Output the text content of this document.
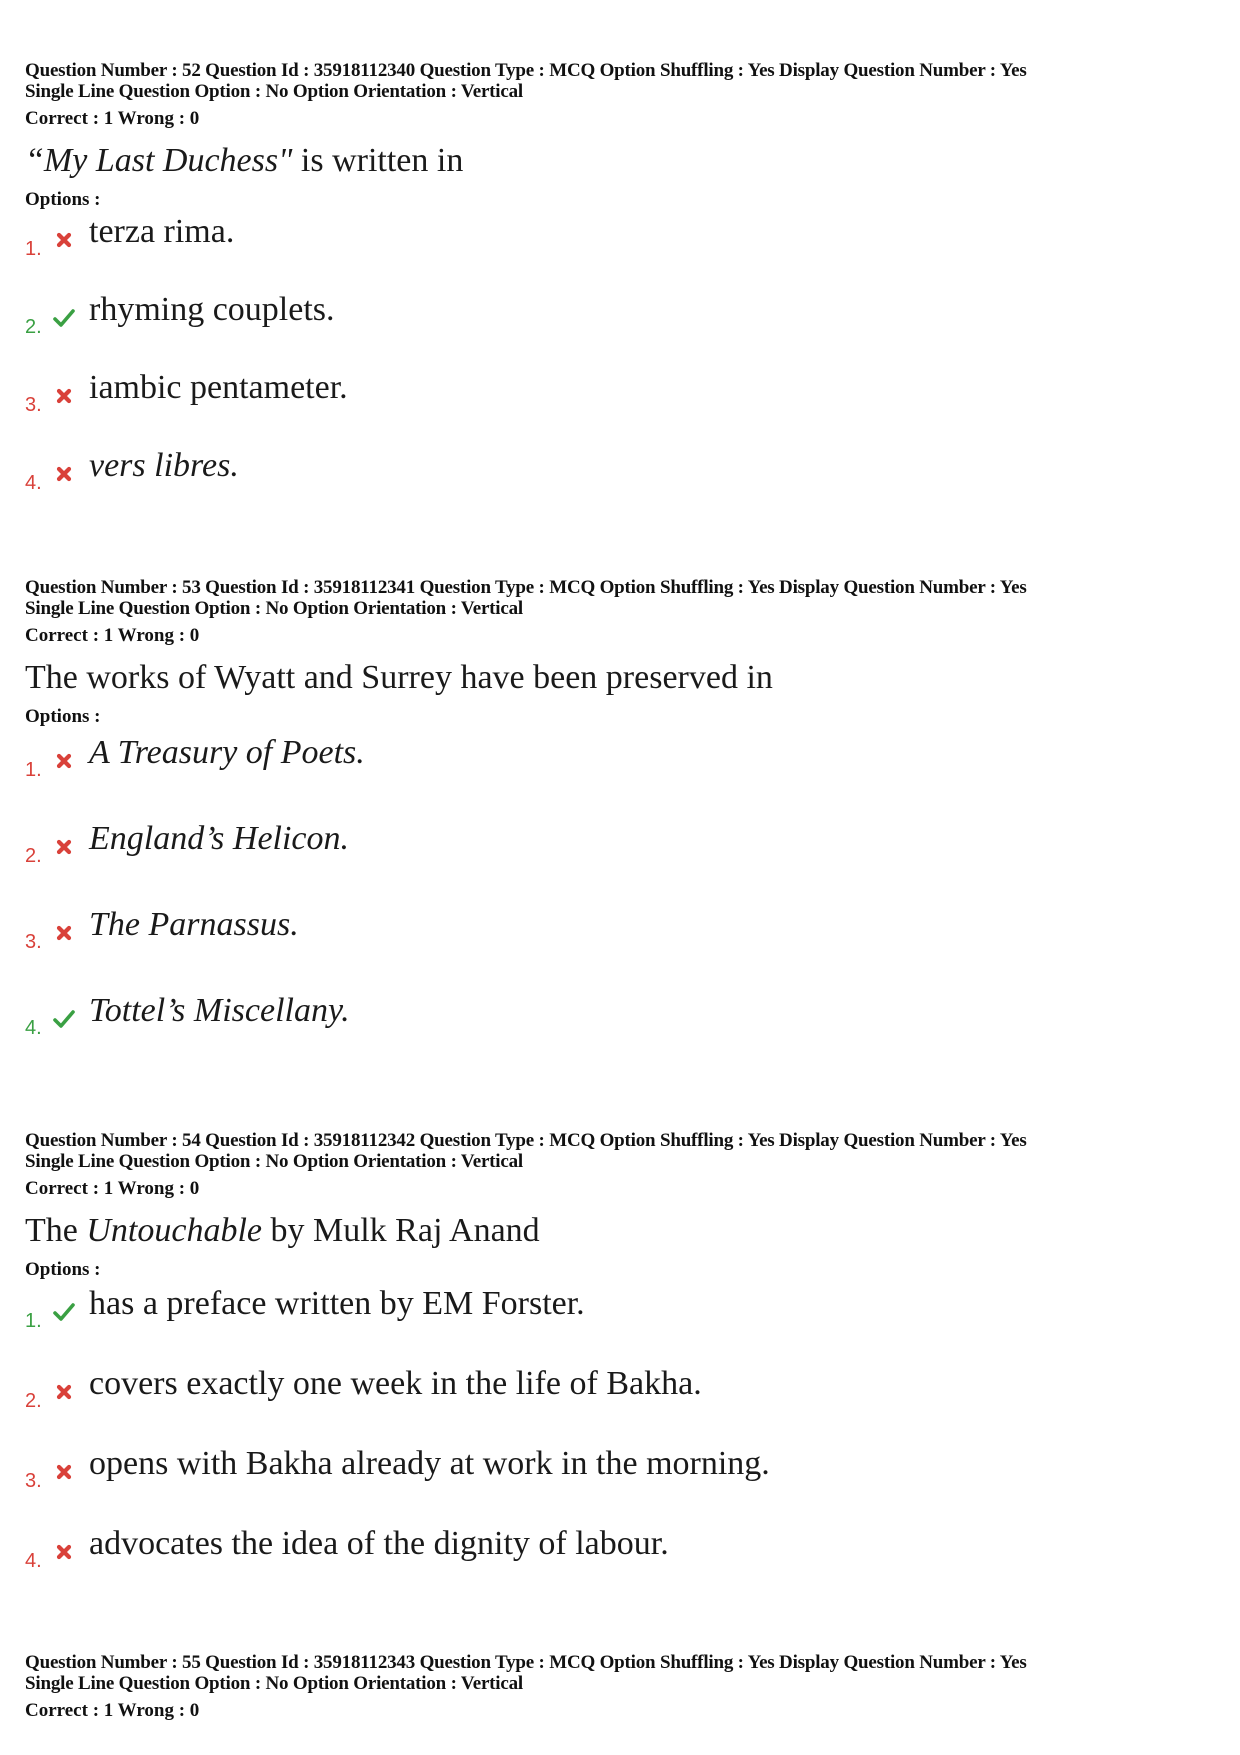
Question Number : 52 Question Id : 35918112340 Question Type : MCQ Option Shuffling : Yes Display Question Number : Yes

Single Line Question Option : No Option Orientation : Vertical

Correct : 1 Wrong : 0
“My Last Duchess" is written in
Options :
1. terza rima.
2. rhyming couplets.
3. iambic pentameter.
4. vers libres.

Question Number : 53 Question Id : 35918112341 Question Type : MCQ Option Shuffling : Yes Display Question Number : Yes

Single Line Question Option : No Option Orientation : Vertical

Correct : 1 Wrong : 0
The works of Wyatt and Surrey have been preserved in
Options :
1. A Treasury of Poets.
2. England’s Helicon.
3. The Parnassus.
4. Tottel’s Miscellany.

Question Number : 54 Question Id : 35918112342 Question Type : MCQ Option Shuffling : Yes Display Question Number : Yes

Single Line Question Option : No Option Orientation : Vertical

Correct : 1 Wrong : 0
The Untouchable by Mulk Raj Anand
Options :
1. has a preface written by EM Forster.
2. covers exactly one week in the life of Bakha.
3. opens with Bakha already at work in the morning.
4. advocates the idea of the dignity of labour.

Question Number : 55 Question Id : 35918112343 Question Type : MCQ Option Shuffling : Yes Display Question Number : Yes

Single Line Question Option : No Option Orientation : Vertical

Correct : 1 Wrong : 0
